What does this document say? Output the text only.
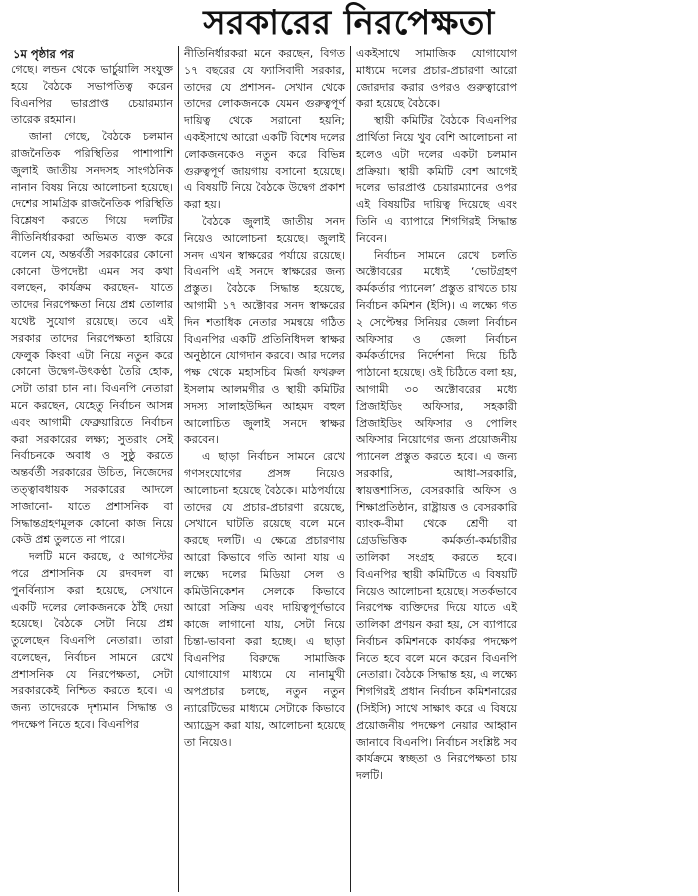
সরকারের নিরপেক্ষতা
১ম পৃষ্ঠার পর

গেছে। লন্ডন থেকে ভার্চুয়ালি সংযুক্ত হয়ে বৈঠকে সভাপতিত্ব করেন বিএনপির ভারপ্রাপ্ত চেয়ারম্যান তারেক রহমান।

জানা গেছে, বৈঠকে চলমান রাজনৈতিক পরিস্থিতির পাশাপাশি জুলাই জাতীয় সনদসহ সাংগঠনিক নানান বিষয় নিয়ে আলোচনা হয়েছে। দেশের সামগ্রিক রাজনৈতিক পরিস্থিতি বিশ্লেষণ করতে গিয়ে দলটির নীতিনির্ধারকরা অভিমত ব্যক্ত করে বলেন যে, অন্তর্বর্তী সরকারের কোনো কোনো উপদেষ্টা এমন সব কথা বলছেন, কার্যক্রম করছেন- যাতে তাদের নিরপেক্ষতা নিয়ে প্রশ্ন তোলার যথেষ্ট সুযোগ রয়েছে। তবে এই সরকার তাদের নিরপেক্ষতা হারিয়ে ফেলুক কিংবা এটা নিয়ে নতুন করে কোনো উদ্বেগ-উৎকণ্ঠা তৈরি হোক, সেটা তারা চান না। বিএনপি নেতারা মনে করছেন, যেহেতু নির্বাচন আসন্ন এবং আগামী ফেব্রুয়ারিতে নির্বাচন করা সরকারের লক্ষ্য; সুতরাং সেই নির্বাচনকে অবাধ ও সুষ্ঠু করতে অন্তর্বর্তী সরকারের উচিত, নিজেদের তত্ত্বাবধায়ক সরকারের আদলে সাজানো- যাতে প্রশাসনিক বা সিদ্ধান্তগ্রহণমূলক কোনো কাজ নিয়ে কেউ প্রশ্ন তুলতে না পারে।

দলটি মনে করছে, ৫ আগস্টের পরে প্রশাসনিক যে রদবদল বা পুনর্বিন্যাস করা হয়েছে, সেখানে একটি দলের লোকজনকে ঠাঁই দেয়া হয়েছে। বৈঠকে সেটা নিয়ে প্রশ্ন তুলেছেন বিএনপি নেতারা। তারা বলেছেন, নির্বাচন সামনে রেখে প্রশাসনিক যে নিরপেক্ষতা, সেটা সরকারকেই নিশ্চিত করতে হবে। এ জন্য তাদেরকে দৃশ্যমান সিদ্ধান্ত ও পদক্ষেপ নিতে হবে। বিএনপির

নীতিনির্ধারকরা মনে করছেন, বিগত ১৭ বছরের যে ফ্যাসিবাদী সরকার, তাদের যে প্রশাসন- সেখান থেকে তাদের লোকজনকে যেমন গুরুত্বপূর্ণ দায়িত্ব থেকে সরানো হয়নি; একইসাথে আরো একটি বিশেষ দলের লোকজনকেও নতুন করে বিভিন্ন গুরুত্বপূর্ণ জায়গায় বসানো হয়েছে। এ বিষয়টি নিয়ে বৈঠকে উদ্বেগ প্রকাশ করা হয়।

বৈঠকে জুলাই জাতীয় সনদ নিয়েও আলোচনা হয়েছে। জুলাই সনদ এখন স্বাক্ষরের পর্যায়ে রয়েছে। বিএনপি এই সনদে স্বাক্ষরের জন্য প্রস্তুত। বৈঠকে সিদ্ধান্ত হয়েছে, আগামী ১৭ অক্টোবর সনদ স্বাক্ষরের দিন শতাধিক নেতার সমন্বয়ে গঠিত বিএনপির একটি প্রতিনিধিদল স্বাক্ষর অনুষ্ঠানে যোগদান করবে। আর দলের পক্ষ থেকে মহাসচিব মির্জা ফখরুল ইসলাম আলমগীর ও স্থায়ী কমিটির সদস্য সালাহউদ্দিন আহমদ বহুল আলোচিত জুলাই সনদে স্বাক্ষর করবেন।

এ ছাড়া নির্বাচন সামনে রেখে গণসংযোগের প্রসঙ্গ নিয়েও আলোচনা হয়েছে বৈঠকে। মাঠপর্যায়ে তাদের যে প্রচার-প্রচারণা রয়েছে, সেখানে ঘাটতি রয়েছে বলে মনে করছে দলটি। এ ক্ষেত্রে প্রচারণায় আরো কিভাবে গতি আনা যায় এ লক্ষ্যে দলের মিডিয়া সেল ও কমিউনিকেশন সেলকে কিভাবে আরো সক্রিয় এবং দায়িত্বপূর্ণভাবে কাজে লাগানো যায়, সেটা নিয়ে চিন্তা-ভাবনা করা হচ্ছে। এ ছাড়া বিএনপির বিরুদ্ধে সামাজিক যোগাযোগ মাধ্যমে যে নানামুখী অপপ্রচার চলছে, নতুন নতুন ন্যারেটিভের মাধ্যমে সেটাকে কিভাবে অ্যাড্রেস করা যায়, আলোচনা হয়েছে তা নিয়েও।

একইসাথে সামাজিক যোগাযোগ মাধ্যমে দলের প্রচার-প্রচারণা আরো জোরদার করার ওপরও গুরুত্বারোপ করা হয়েছে বৈঠকে।

স্থায়ী কমিটির বৈঠকে বিএনপির প্রার্থিতা নিয়ে খুব বেশি আলোচনা না হলেও এটা দলের একটা চলমান প্রক্রিয়া। স্থায়ী কমিটি বেশ আগেই দলের ভারপ্রাপ্ত চেয়ারম্যানের ওপর এই বিষয়টির দায়িত্ব দিয়েছে এবং তিনি এ ব্যাপারে শিগগিরই সিদ্ধান্ত নিবেন।

নির্বাচন সামনে রেখে চলতি অক্টোবরের মধ্যেই ‘ভোটগ্রহণ কর্মকর্তার প্যানেল’ প্রস্তুত রাখতে চায় নির্বাচন কমিশন (ইসি)। এ লক্ষ্যে গত ২ সেপ্টেম্বর সিনিয়র জেলা নির্বাচন অফিসার ও জেলা নির্বাচন কর্মকর্তাদের নির্দেশনা দিয়ে চিঠি পাঠানো হয়েছে। ওই চিঠিতে বলা হয়, আগামী ৩০ অক্টোবরের মধ্যে প্রিজাইডিং অফিসার, সহকারী প্রিজাইডিং অফিসার ও পোলিং অফিসার নিয়োগের জন্য প্রয়োজনীয় প্যানেল প্রস্তুত করতে হবে। এ জন্য সরকারি, আধা-সরকারি, স্বায়ত্তশাসিত, বেসরকারি অফিস ও শিক্ষাপ্রতিষ্ঠান, রাষ্ট্রায়ত্ত ও বেসরকারি ব্যাংক-বীমা থেকে শ্রেণী বা গ্রেডভিত্তিক কর্মকর্তা-কর্মচারীর তালিকা সংগ্রহ করতে হবে। বিএনপির স্থায়ী কমিটিতে এ বিষয়টি নিয়েও আলোচনা হয়েছে। সতর্কভাবে নিরপেক্ষ ব্যক্তিদের দিয়ে যাতে এই তালিকা প্রণয়ন করা হয়, সে ব্যাপারে নির্বাচন কমিশনকে কার্যকর পদক্ষেপ নিতে হবে বলে মনে করেন বিএনপি নেতারা। বৈঠকে সিদ্ধান্ত হয়, এ লক্ষ্যে শিগগিরই প্রধান নির্বাচন কমিশনারের (সিইসি) সাথে সাক্ষাৎ করে এ বিষয়ে প্রয়োজনীয় পদক্ষেপ নেয়ার আহ্বান জানাবে বিএনপি। নির্বাচন সংশ্লিষ্ট সব কার্যক্রমে স্বচ্ছতা ও নিরপেক্ষতা চায় দলটি।
